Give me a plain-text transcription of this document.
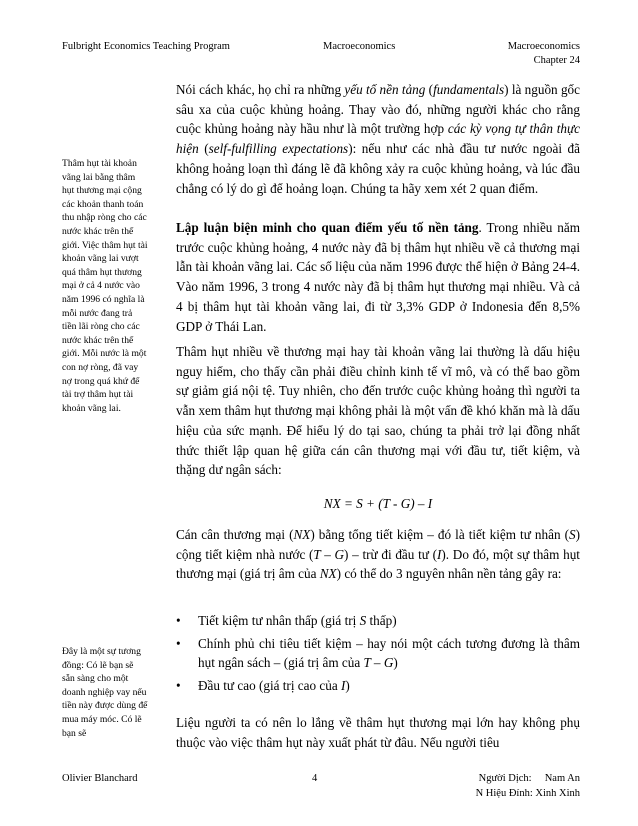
Fulbright Economics Teaching Program	Macroeconomics	Macroeconomics
Chapter 24
Thâm hụt tài khoản vãng lai bằng thâm hụt thương mại cộng các khoản thanh toán thu nhập ròng cho các nước khác trên thế giới. Việc thâm hụt tài khoản vãng lai vượt quá thâm hụt thương mại ở cả 4 nước vào năm 1996 có nghĩa là mỗi nước đang trả tiền lãi ròng cho các nước khác trên thế giới. Mỗi nước là một con nợ ròng, đã vay nợ trong quá khứ để tài trợ thâm hụt tài khoản vãng lai.
Đây là một sự tương đồng: Có lẽ bạn sẽ sẵn sàng cho một doanh nghiệp vay nếu tiền này được dùng để mua máy móc. Có lẽ bạn sẽ

Nói cách khác, họ chỉ ra những yếu tố nền tảng (fundamentals) là nguồn gốc sâu xa của cuộc khủng hoảng. Thay vào đó, những người khác cho rằng cuộc khủng hoảng này hầu như là một trường hợp các kỳ vọng tự thân thực hiện (self-fulfilling expectations): nếu như các nhà đầu tư nước ngoài đã không hoảng loạn thì đáng lẽ đã không xảy ra cuộc khủng hoảng, và lúc đầu chẳng có lý do gì để hoảng loạn. Chúng ta hãy xem xét 2 quan điểm.

Lập luận biện minh cho quan điểm yếu tố nền tảng. Trong nhiều năm trước cuộc khủng hoảng, 4 nước này đã bị thâm hụt nhiều về cả thương mại lẫn tài khoản vãng lai. Các số liệu của năm 1996 được thể hiện ở Bảng 24-4. Vào năm 1996, 3 trong 4 nước này đã bị thâm hụt thương mại nhiều. Và cả 4 bị thâm hụt tài khoản vãng lai, đi từ 3,3% GDP ở Indonesia đến 8,5% GDP ở Thái Lan.

Thâm hụt nhiều về thương mại hay tài khoản vãng lai thường là dấu hiệu nguy hiểm, cho thấy cần phải điều chỉnh kinh tế vĩ mô, và có thể bao gồm sự giảm giá nội tệ. Tuy nhiên, cho đến trước cuộc khủng hoảng thì người ta vẫn xem thâm hụt thương mại không phải là một vấn đề khó khăn mà là dấu hiệu của sức mạnh. Để hiểu lý do tại sao, chúng ta phải trở lại đồng nhất thức thiết lập quan hệ giữa cán cân thương mại với đầu tư, tiết kiệm, và thặng dư ngân sách:

NX = S + (T - G) – I

Cán cân thương mại (NX) bằng tổng tiết kiệm – đó là tiết kiệm tư nhân (S) cộng tiết kiệm nhà nước (T – G) – trừ đi đầu tư (I). Do đó, một sự thâm hụt thương mại (giá trị âm của NX) có thể do 3 nguyên nhân nền tảng gây ra:

• Tiết kiệm tư nhân thấp (giá trị S thấp)
• Chính phủ chi tiêu tiết kiệm – hay nói một cách tương đương là thâm hụt ngân sách – (giá trị âm của T – G)
• Đầu tư cao (giá trị cao của I)

Liệu người ta có nên lo lắng về thâm hụt thương mại lớn hay không phụ thuộc vào việc thâm hụt này xuất phát từ đâu. Nếu người tiêu

Olivier Blanchard	4	Người Dịch: Nam An
N Hiệu Đính: Xinh Xinh
